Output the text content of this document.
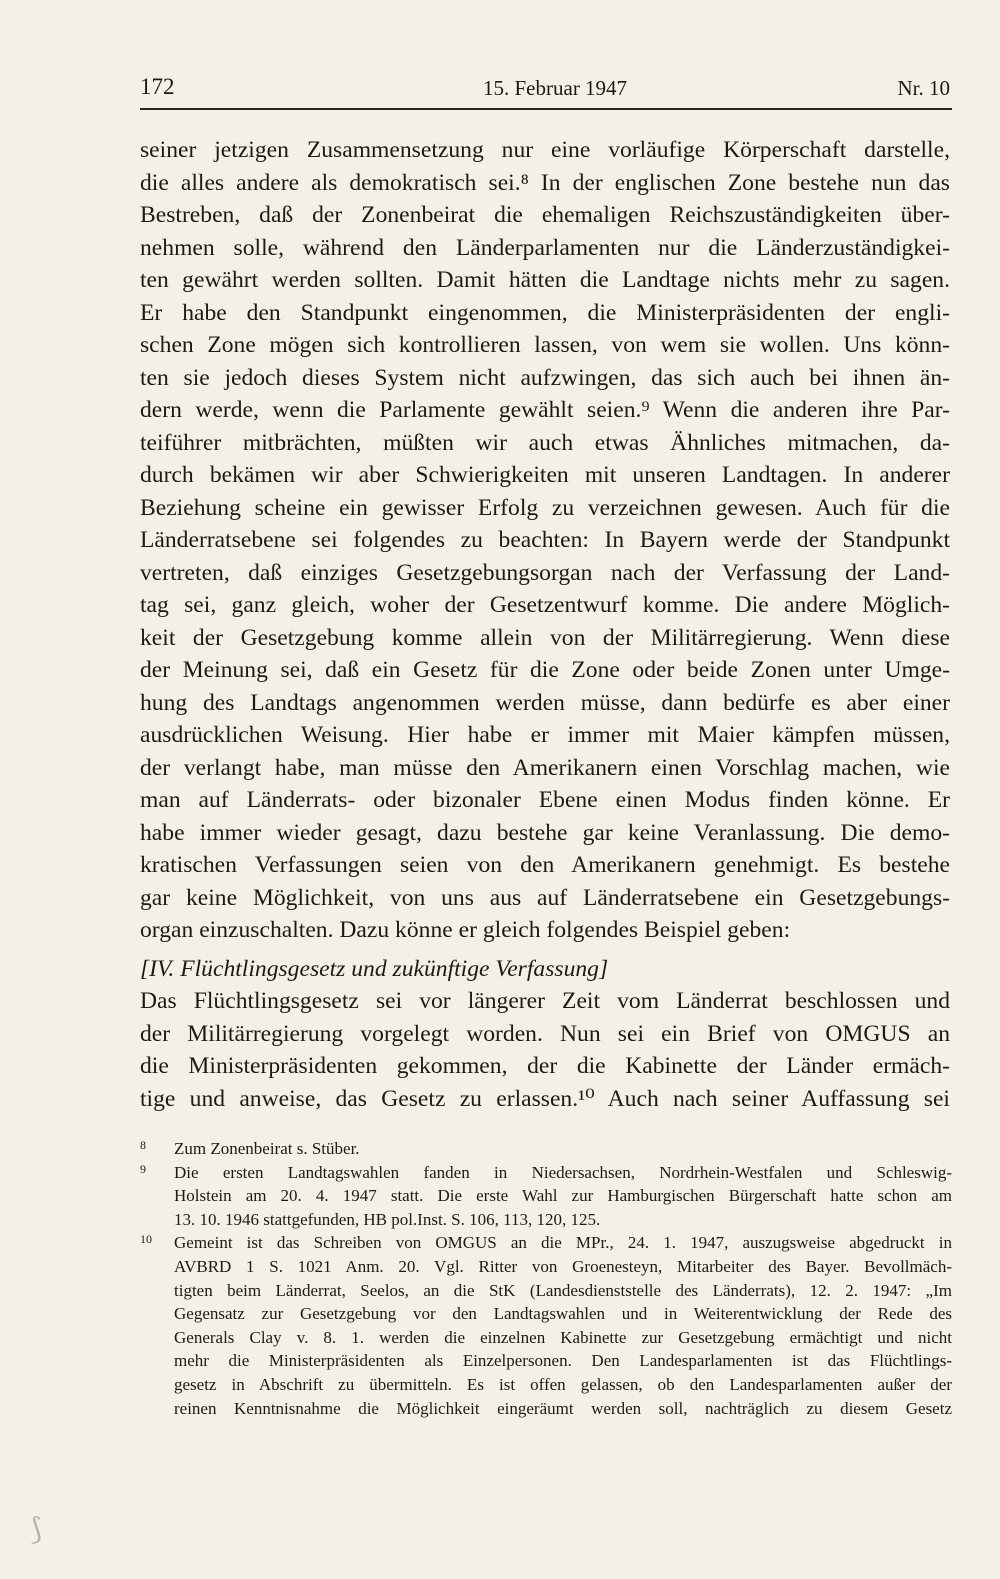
172	15. Februar 1947	Nr. 10
seiner jetzigen Zusammensetzung nur eine vorläufige Körperschaft darstelle,
die alles andere als demokratisch sei.⁸ In der englischen Zone bestehe nun das
Bestreben, daß der Zonenbeirat die ehemaligen Reichszuständigkeiten über-
nehmen solle, während den Länderparlamenten nur die Länderzuständigkei-
ten gewährt werden sollten. Damit hätten die Landtage nichts mehr zu sagen.
Er habe den Standpunkt eingenommen, die Ministerpräsidenten der engli-
schen Zone mögen sich kontrollieren lassen, von wem sie wollen. Uns könn-
ten sie jedoch dieses System nicht aufzwingen, das sich auch bei ihnen än-
dern werde, wenn die Parlamente gewählt seien.⁹ Wenn die anderen ihre Par-
teiführer mitbrächten, müßten wir auch etwas Ähnliches mitmachen, da-
durch bekämen wir aber Schwierigkeiten mit unseren Landtagen. In anderer
Beziehung scheine ein gewisser Erfolg zu verzeichnen gewesen. Auch für die
Länderratsebene sei folgendes zu beachten: In Bayern werde der Standpunkt
vertreten, daß einziges Gesetzgebungsorgan nach der Verfassung der Land-
tag sei, ganz gleich, woher der Gesetzentwurf komme. Die andere Möglich-
keit der Gesetzgebung komme allein von der Militärregierung. Wenn diese
der Meinung sei, daß ein Gesetz für die Zone oder beide Zonen unter Umge-
hung des Landtags angenommen werden müsse, dann bedürfe es aber einer
ausdrücklichen Weisung. Hier habe er immer mit Maier kämpfen müssen,
der verlangt habe, man müsse den Amerikanern einen Vorschlag machen, wie
man auf Länderrats- oder bizonaler Ebene einen Modus finden könne. Er
habe immer wieder gesagt, dazu bestehe gar keine Veranlassung. Die demo-
kratischen Verfassungen seien von den Amerikanern genehmigt. Es bestehe
gar keine Möglichkeit, von uns aus auf Länderratsebene ein Gesetzgebungs-
organ einzuschalten. Dazu könne er gleich folgendes Beispiel geben:
[IV. Flüchtlingsgesetz und zukünftige Verfassung]
Das Flüchtlingsgesetz sei vor längerer Zeit vom Länderrat beschlossen und
der Militärregierung vorgelegt worden. Nun sei ein Brief von OMGUS an
die Ministerpräsidenten gekommen, der die Kabinette der Länder ermäch-
tige und anweise, das Gesetz zu erlassen.¹⁰ Auch nach seiner Auffassung sei
8 Zum Zonenbeirat s. Stüber.
9 Die ersten Landtagswahlen fanden in Niedersachsen, Nordrhein-Westfalen und Schleswig-
Holstein am 20. 4. 1947 statt. Die erste Wahl zur Hamburgischen Bürgerschaft hatte schon am
13. 10. 1946 stattgefunden, HB pol.Inst. S. 106, 113, 120, 125.
10 Gemeint ist das Schreiben von OMGUS an die MPr., 24. 1. 1947, auszugsweise abgedruckt in
AVBRD 1 S. 1021 Anm. 20. Vgl. Ritter von Groenesteyn, Mitarbeiter des Bayer. Bevollmäch-
tigten beim Länderrat, Seelos, an die StK (Landesdienststelle des Länderrats), 12. 2. 1947: „Im
Gegensatz zur Gesetzgebung vor den Landtagswahlen und in Weiterentwicklung der Rede des
Generals Clay v. 8. 1. werden die einzelnen Kabinette zur Gesetzgebung ermächtigt und nicht
mehr die Ministerpräsidenten als Einzelpersonen. Den Landesparlamenten ist das Flüchtlings-
gesetz in Abschrift zu übermitteln. Es ist offen gelassen, ob den Landesparlamenten außer der
reinen Kenntnisnahme die Möglichkeit eingeräumt werden soll, nachträglich zu diesem Gesetz
⟆
